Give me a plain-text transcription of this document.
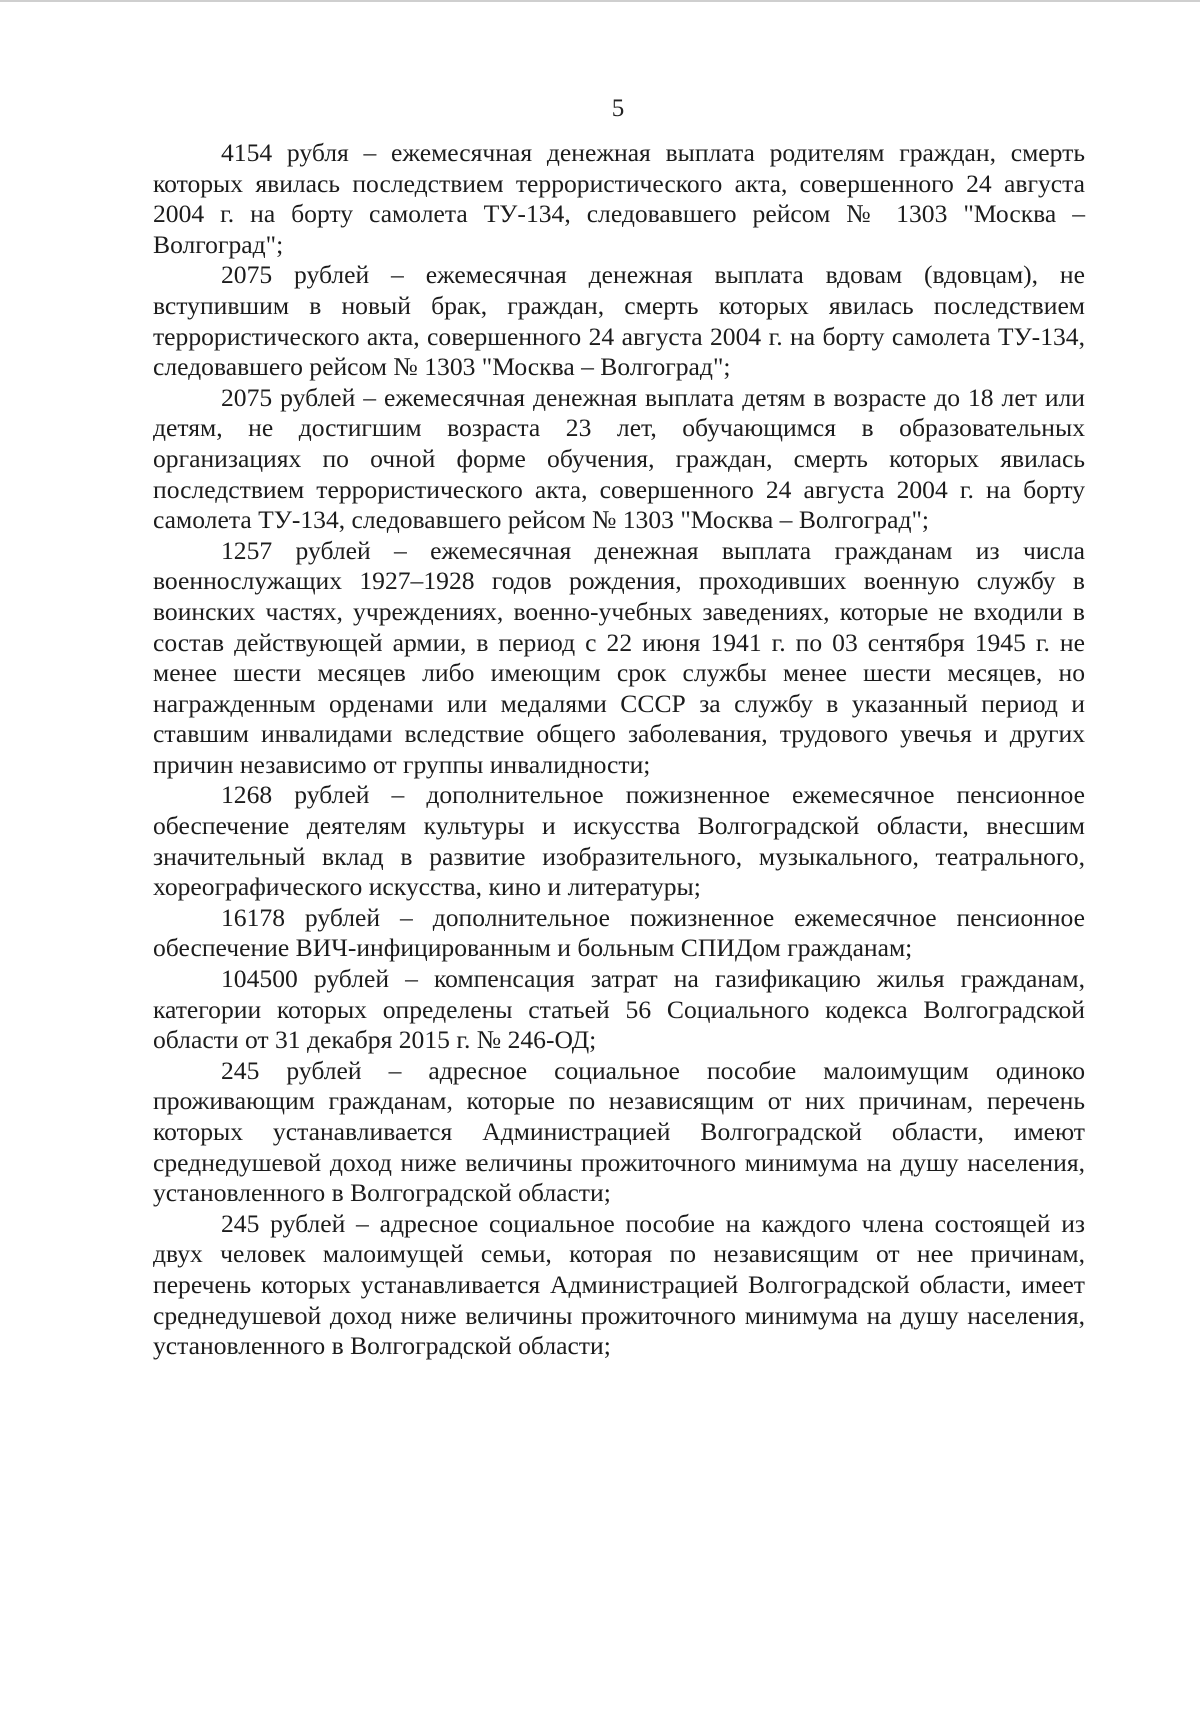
5

4154 рубля – ежемесячная денежная выплата родителям граждан, смерть которых явилась последствием террористического акта, совершенного 24 августа 2004 г. на борту самолета ТУ-134, следовавшего рейсом № 1303 "Москва – Волгоград";

2075 рублей – ежемесячная денежная выплата вдовам (вдовцам), не вступившим в новый брак, граждан, смерть которых явилась последствием террористического акта, совершенного 24 августа 2004 г. на борту самолета ТУ-134, следовавшего рейсом № 1303 "Москва – Волгоград";

2075 рублей – ежемесячная денежная выплата детям в возрасте до 18 лет или детям, не достигшим возраста 23 лет, обучающимся в образовательных организациях по очной форме обучения, граждан, смерть которых явилась последствием террористического акта, совершенного 24 августа 2004 г. на борту самолета ТУ-134, следовавшего рейсом № 1303 "Москва – Волгоград";

1257 рублей – ежемесячная денежная выплата гражданам из числа военнослужащих 1927–1928 годов рождения, проходивших военную службу в воинских частях, учреждениях, военно-учебных заведениях, которые не входили в состав действующей армии, в период с 22 июня 1941 г. по 03 сентября 1945 г. не менее шести месяцев либо имеющим срок службы менее шести месяцев, но награжденным орденами или медалями СССР за службу в указанный период и ставшим инвалидами вследствие общего заболевания, трудового увечья и других причин независимо от группы инвалидности;

1268 рублей – дополнительное пожизненное ежемесячное пенсионное обеспечение деятелям культуры и искусства Волгоградской области, внесшим значительный вклад в развитие изобразительного, музыкального, театрального, хореографического искусства, кино и литературы;

16178 рублей – дополнительное пожизненное ежемесячное пенсионное обеспечение ВИЧ-инфицированным и больным СПИДом гражданам;

104500 рублей – компенсация затрат на газификацию жилья гражданам, категории которых определены статьей 56 Социального кодекса Волгоградской области от 31 декабря 2015 г. № 246-ОД;

245 рублей – адресное социальное пособие малоимущим одиноко проживающим гражданам, которые по независящим от них причинам, перечень которых устанавливается Администрацией Волгоградской области, имеют среднедушевой доход ниже величины прожиточного минимума на душу населения, установленного в Волгоградской области;

245 рублей – адресное социальное пособие на каждого члена состоящей из двух человек малоимущей семьи, которая по независящим от нее причинам, перечень которых устанавливается Администрацией Волгоградской области, имеет среднедушевой доход ниже величины прожиточного минимума на душу населения, установленного в Волгоградской области;
